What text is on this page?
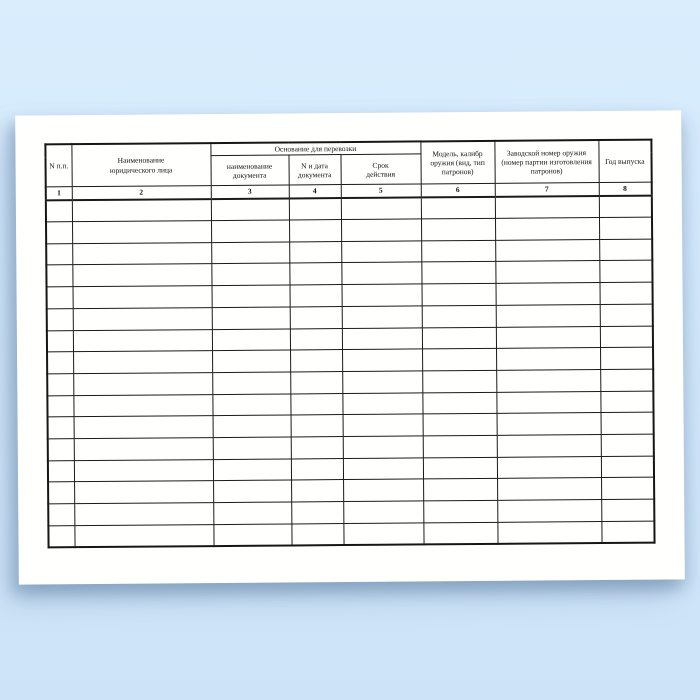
N п.п.	Наименование юридического лица	Основание для перевозки			Модель, калибр оружия (вид, тип патронов)	Заводской номер оружия (номер партии изготовления патронов)	Год выпуска
		наименование документа	N и дата документа	Срок действия			
1	2	3	4	5	6	7	8
